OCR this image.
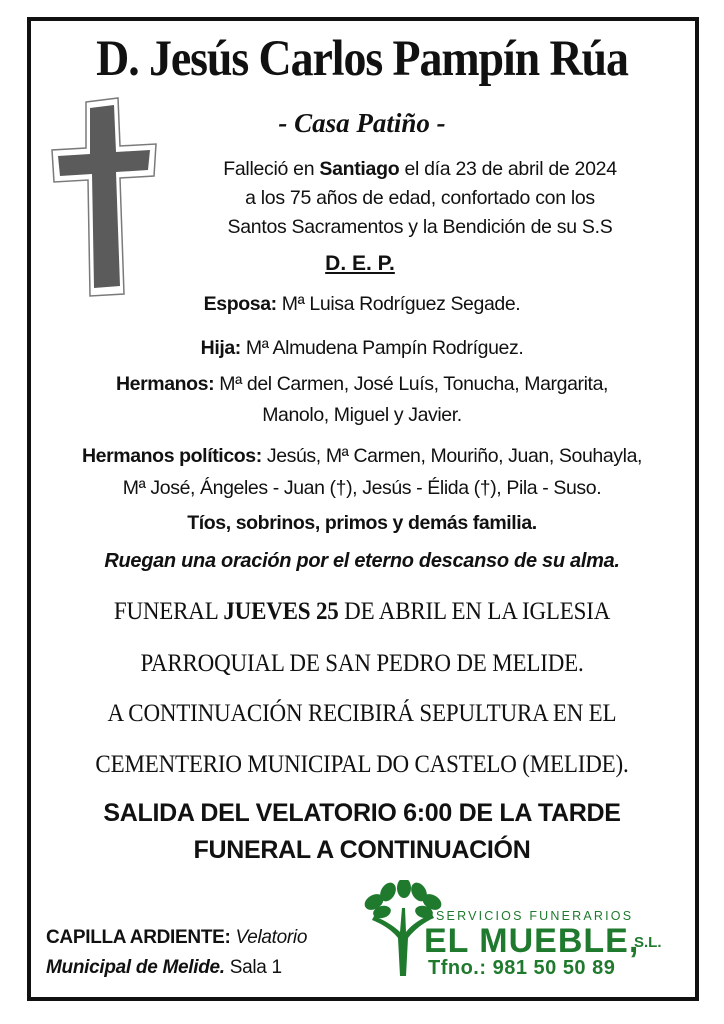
D. Jesús Carlos Pampín Rúa
- Casa Patiño -
Falleció en Santiago el día 23 de abril de 2024
a los 75 años de edad, confortado con los
Santos Sacramentos y la Bendición de su S.S
D. E. P.
Esposa: Mª Luisa Rodríguez Segade.
Hija: Mª Almudena Pampín Rodríguez.
Hermanos: Mª del Carmen, José Luís, Tonucha, Margarita,
Manolo, Miguel y Javier.
Hermanos políticos: Jesús, Mª Carmen, Mouriño, Juan, Souhayla,
Mª José, Ángeles - Juan (†), Jesús - Élida (†), Pila - Suso.
Tíos, sobrinos, primos y demás familia.
Ruegan una oración por el eterno descanso de su alma.
FUNERAL JUEVES 25 DE ABRIL EN LA IGLESIA
PARROQUIAL DE SAN PEDRO DE MELIDE.
A CONTINUACIÓN RECIBIRÁ SEPULTURA EN EL
CEMENTERIO MUNICIPAL DO CASTELO (MELIDE).
SALIDA DEL VELATORIO 6:00 DE LA TARDE
FUNERAL A CONTINUACIÓN
CAPILLA ARDIENTE: Velatorio
Municipal de Melide. Sala 1
SERVICIOS FUNERARIOS
EL MUEBLE,
S.L.
Tfno.: 981 50 50 89
